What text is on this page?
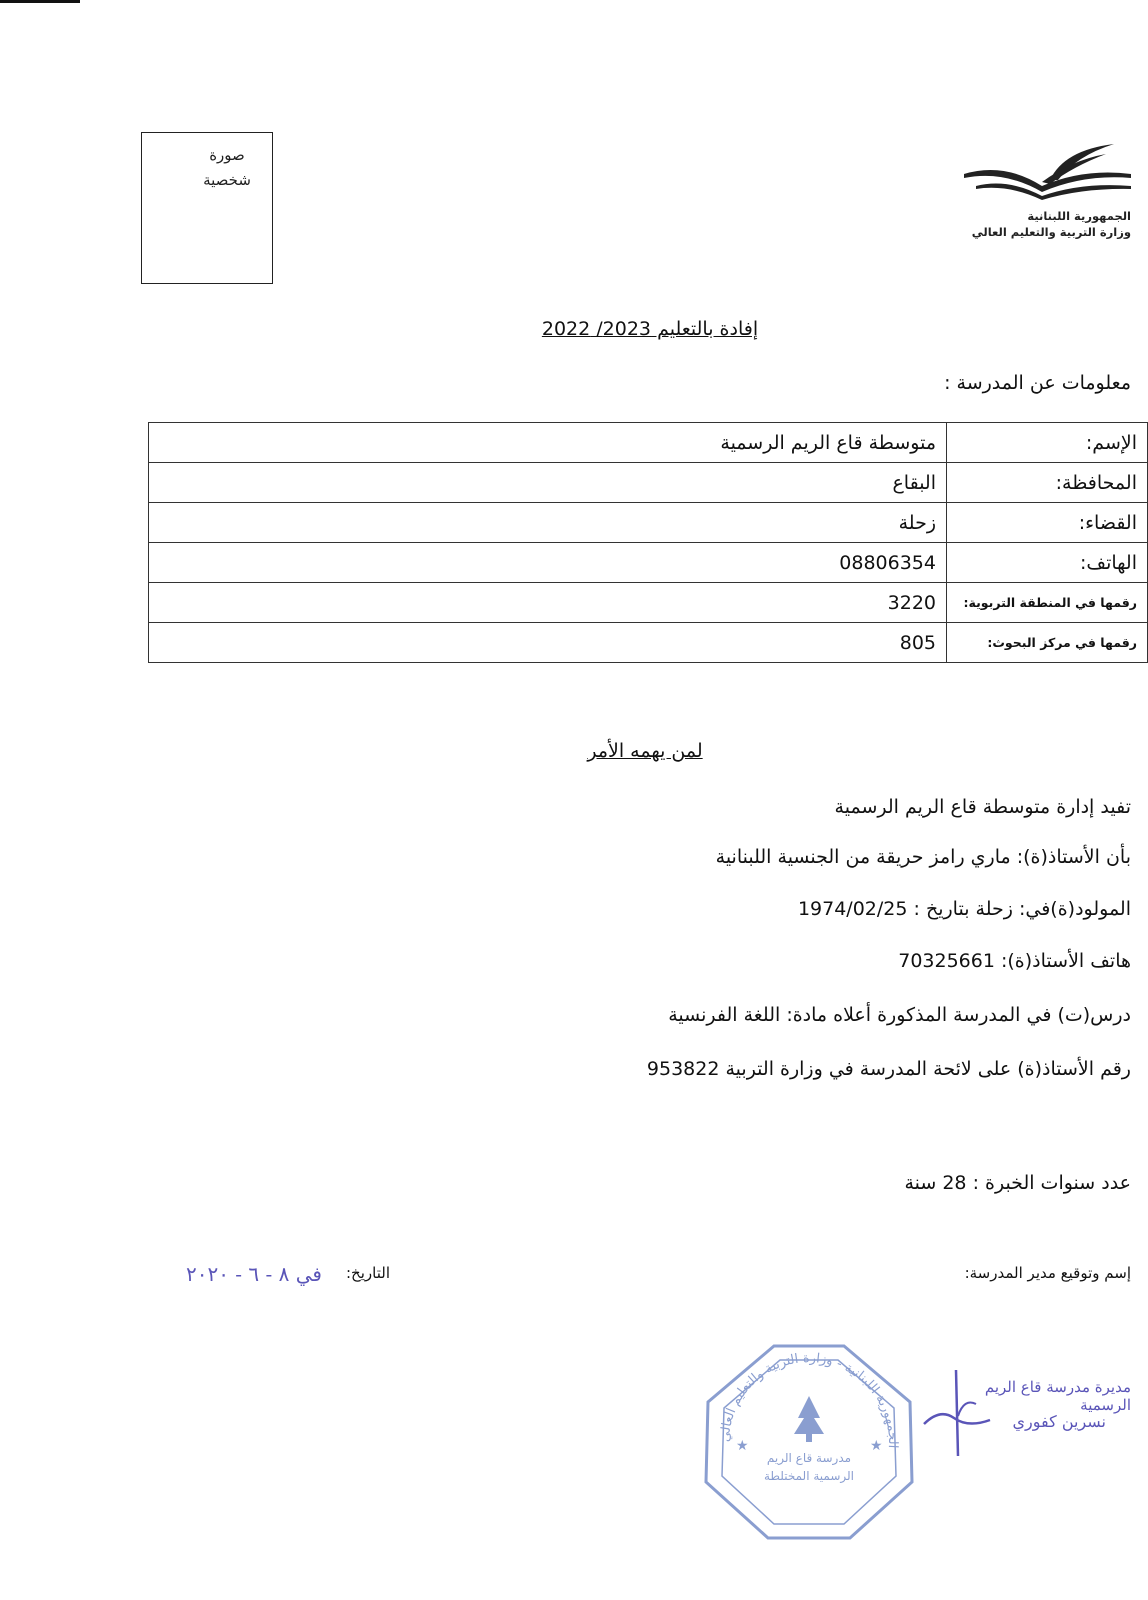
صورة
شخصية
الجمهورية اللبنانية
وزارة التربية والتعليم العالي
إفادة بالتعليم 2023/ 2022
معلومات عن المدرسة :
الإسم:	متوسطة قاع الريم الرسمية
المحافظة:	البقاع
القضاء:	زحلة
الهاتف:	08806354
رقمها في المنطقة التربوية:	3220
رقمها في مركز البحوث:	805
لمن يهمه الأمر
تفيد إدارة متوسطة قاع الريم الرسمية
بأن الأستاذ(ة): ماري رامز حريقة من الجنسية اللبنانية
المولود(ة)في: زحلة بتاريخ : 1974/02/25
هاتف الأستاذ(ة): 70325661
درس(ت) في المدرسة المذكورة أعلاه مادة: اللغة الفرنسية
رقم الأستاذ(ة) على لائحة المدرسة في وزارة التربية 953822
عدد سنوات الخبرة : 28 سنة
إسم وتوقيع مدير المدرسة:
التاريخ:
في ٨ - ٦ - ٢٠٢٠
الجمهورية اللبنانية - وزارة التربية والتعليم العالي
مدرسة قاع الريم
الرسمية المختلطة
★	★
مديرة مدرسة قاع الريم الرسمية
نسرين كفوري
